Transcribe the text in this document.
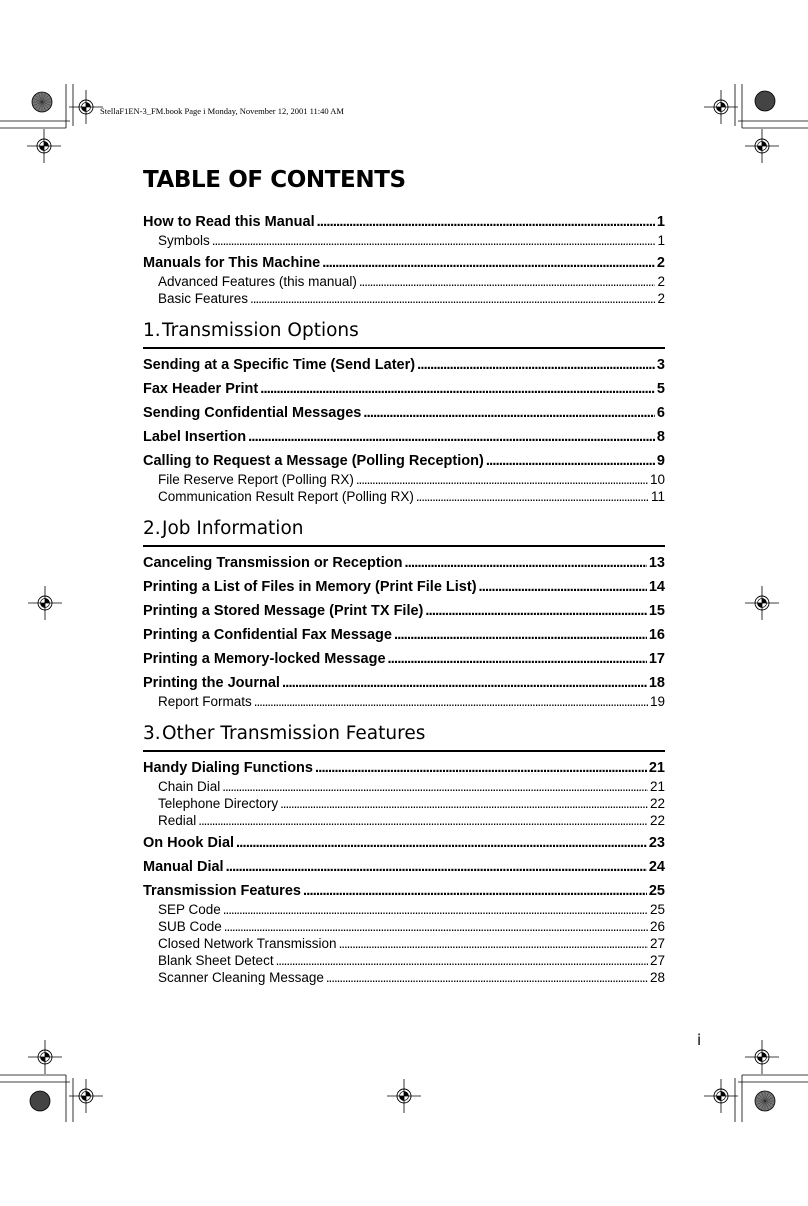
StellaF1EN-3_FM.book Page i Monday, November 12, 2001 11:40 AM
TABLE OF CONTENTS
How to Read this Manual . . .	1
Symbols . . .	1
Manuals for This Machine . . .	2
Advanced Features (this manual) . . .	2
Basic Features . . .	2
1.Transmission Options
Sending at a Specific Time (Send Later) . . .	3
Fax Header Print . . .	5
Sending Confidential Messages . . .	6
Label Insertion . . .	8
Calling to Request a Message (Polling Reception) . . .	9
File Reserve Report (Polling RX) . . .	10
Communication Result Report (Polling RX) . . .	11
2.Job Information
Canceling Transmission or Reception . . .	13
Printing a List of Files in Memory (Print File List) . . .	14
Printing a Stored Message (Print TX File) . . .	15
Printing a Confidential Fax Message . . .	16
Printing a Memory-locked Message . . .	17
Printing the Journal . . .	18
Report Formats . . .	19
3.Other Transmission Features
Handy Dialing Functions . . .	21
Chain Dial . . .	21
Telephone Directory . . .	22
Redial . . .	22
On Hook Dial . . .	23
Manual Dial . . .	24
Transmission Features . . .	25
SEP Code . . .	25
SUB Code . . .	26
Closed Network Transmission . . .	27
Blank Sheet Detect . . .	27
Scanner Cleaning Message . . .	28
i
